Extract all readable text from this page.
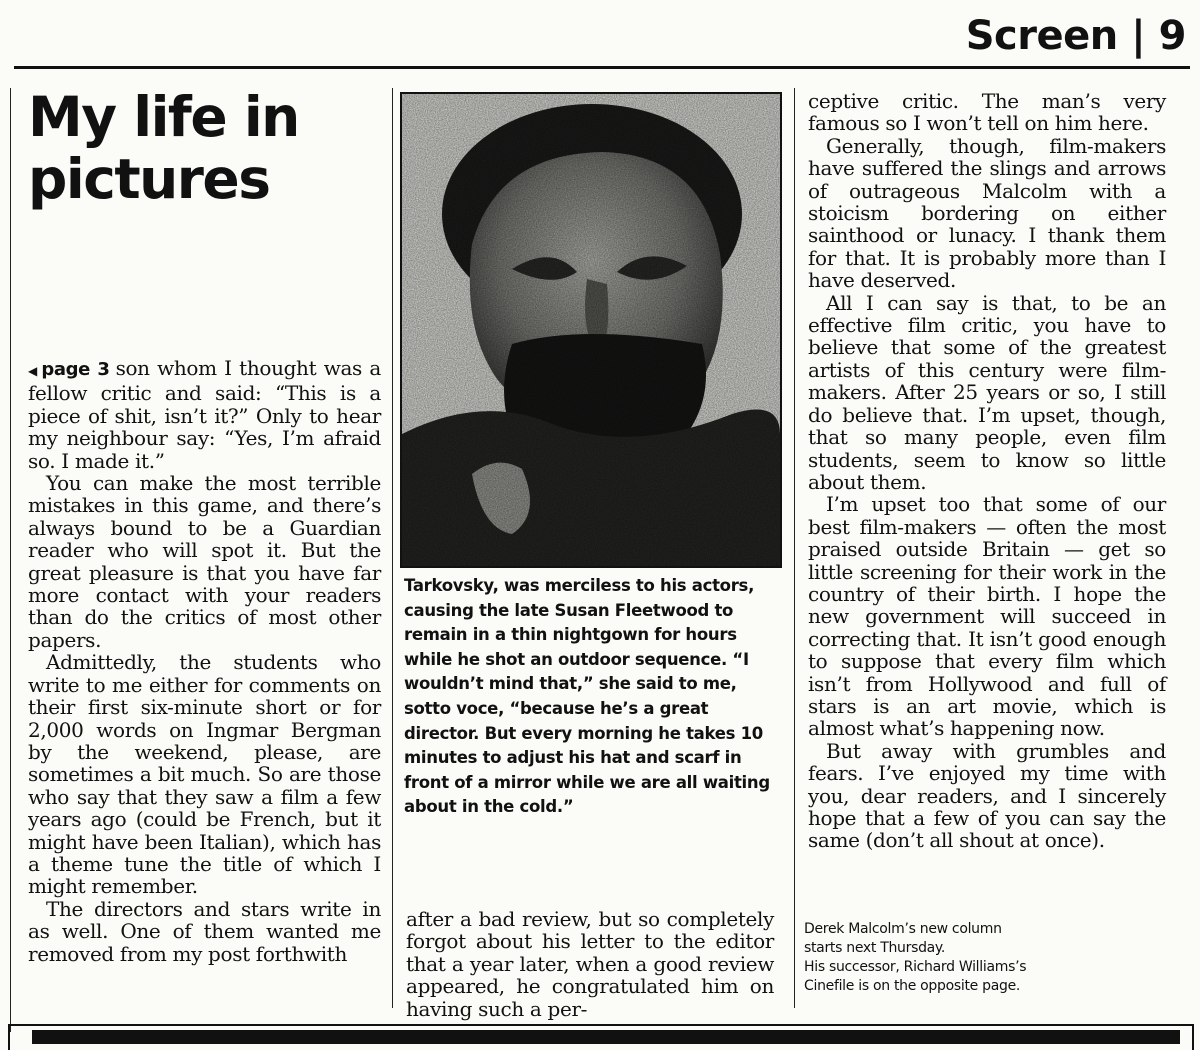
Screen | 9
My life in pictures

◀ page 3 son whom I thought was a fellow critic and said: “This is a piece of shit, isn’t it?” Only to hear my neighbour say: “Yes, I’m afraid so. I made it.”

You can make the most terrible mistakes in this game, and there’s always bound to be a Guardian reader who will spot it. But the great pleasure is that you have far more contact with your readers than do the critics of most other papers.

Admittedly, the students who write to me either for comments on their first six-minute short or for 2,000 words on Ingmar Bergman by the weekend, please, are sometimes a bit much. So are those who say that they saw a film a few years ago (could be French, but it might have been Italian), which has a theme tune the title of which I might remember.

The directors and stars write in as well. One of them wanted me removed from my post forthwith

Tarkovsky, was merciless to his actors, causing the late Susan Fleetwood to remain in a thin nightgown for hours while he shot an outdoor sequence. “I wouldn’t mind that,” she said to me, sotto voce, “because he’s a great director. But every morning he takes 10 minutes to adjust his hat and scarf in front of a mirror while we are all waiting about in the cold.”

after a bad review, but so completely forgot about his letter to the editor that a year later, when a good review appeared, he congratulated him on having such a per-

ceptive critic. The man’s very famous so I won’t tell on him here.

Generally, though, film-makers have suffered the slings and arrows of outrageous Malcolm with a stoicism bordering on either sainthood or lunacy. I thank them for that. It is probably more than I have deserved.

All I can say is that, to be an effective film critic, you have to believe that some of the greatest artists of this century were film-makers. After 25 years or so, I still do believe that. I’m upset, though, that so many people, even film students, seem to know so little about them.

I’m upset too that some of our best film-makers — often the most praised outside Britain — get so little screening for their work in the country of their birth. I hope the new government will succeed in correcting that. It isn’t good enough to suppose that every film which isn’t from Hollywood and full of stars is an art movie, which is almost what’s happening now.

But away with grumbles and fears. I’ve enjoyed my time with you, dear readers, and I sincerely hope that a few of you can say the same (don’t all shout at once).

Derek Malcolm’s new column
starts next Thursday.
His successor, Richard Williams’s
Cinefile is on the opposite page.
